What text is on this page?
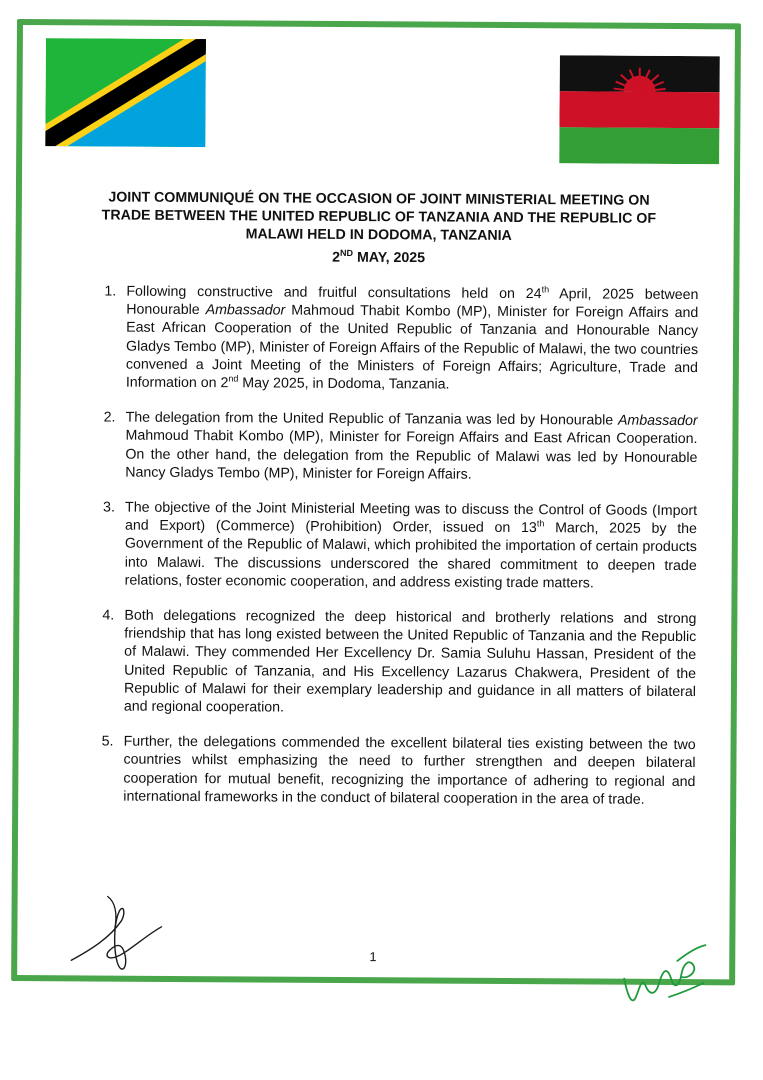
JOINT COMMUNIQUÉ ON THE OCCASION OF JOINT MINISTERIAL MEETING ON
TRADE BETWEEN THE UNITED REPUBLIC OF TANZANIA AND THE REPUBLIC OF
MALAWI HELD IN DODOMA, TANZANIA
2ND MAY, 2025
1. Following constructive and fruitful consultations held on 24th April, 2025 between Honourable Ambassador Mahmoud Thabit Kombo (MP), Minister for Foreign Affairs and East African Cooperation of the United Republic of Tanzania and Honourable Nancy Gladys Tembo (MP), Minister of Foreign Affairs of the Republic of Malawi, the two countries convened a Joint Meeting of the Ministers of Foreign Affairs; Agriculture, Trade and Information on 2nd May 2025, in Dodoma, Tanzania.
2. The delegation from the United Republic of Tanzania was led by Honourable Ambassador Mahmoud Thabit Kombo (MP), Minister for Foreign Affairs and East African Cooperation. On the other hand, the delegation from the Republic of Malawi was led by Honourable Nancy Gladys Tembo (MP), Minister for Foreign Affairs.
3. The objective of the Joint Ministerial Meeting was to discuss the Control of Goods (Import and Export) (Commerce) (Prohibition) Order, issued on 13th March, 2025 by the Government of the Republic of Malawi, which prohibited the importation of certain products into Malawi. The discussions underscored the shared commitment to deepen trade relations, foster economic cooperation, and address existing trade matters.
4. Both delegations recognized the deep historical and brotherly relations and strong friendship that has long existed between the United Republic of Tanzania and the Republic of Malawi. They commended Her Excellency Dr. Samia Suluhu Hassan, President of the United Republic of Tanzania, and His Excellency Lazarus Chakwera, President of the Republic of Malawi for their exemplary leadership and guidance in all matters of bilateral and regional cooperation.
5. Further, the delegations commended the excellent bilateral ties existing between the two countries whilst emphasizing the need to further strengthen and deepen bilateral cooperation for mutual benefit, recognizing the importance of adhering to regional and international frameworks in the conduct of bilateral cooperation in the area of trade.
1
